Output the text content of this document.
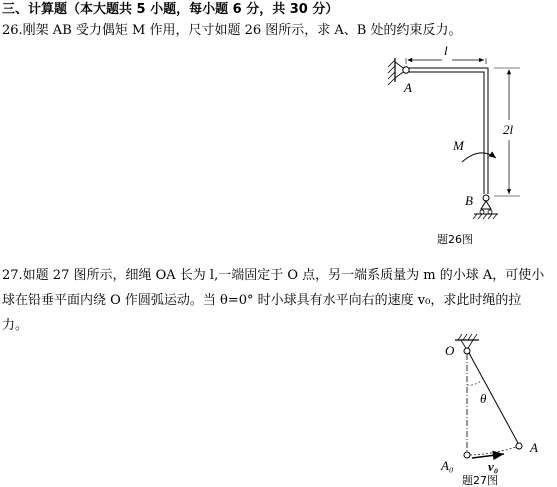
三、计算题（本大题共 5 小题，每小题 6 分，共 30 分）
26.刚架 AB 受力偶矩 M 作用，尺寸如题 26 图所示，求 A、B 处的约束反力。
27.如题 27 图所示，细绳 OA 长为 l,一端固定于 O 点，另一端系质量为 m 的小球 A，可使小
球在铅垂平面内绕 O 作圆弧运动。当 θ=0° 时小球具有水平向右的速度 v₀，求此时绳的拉
力。
l
2l
M
A
B
题26图
O
θ
A
A₀	v₀
题27图
